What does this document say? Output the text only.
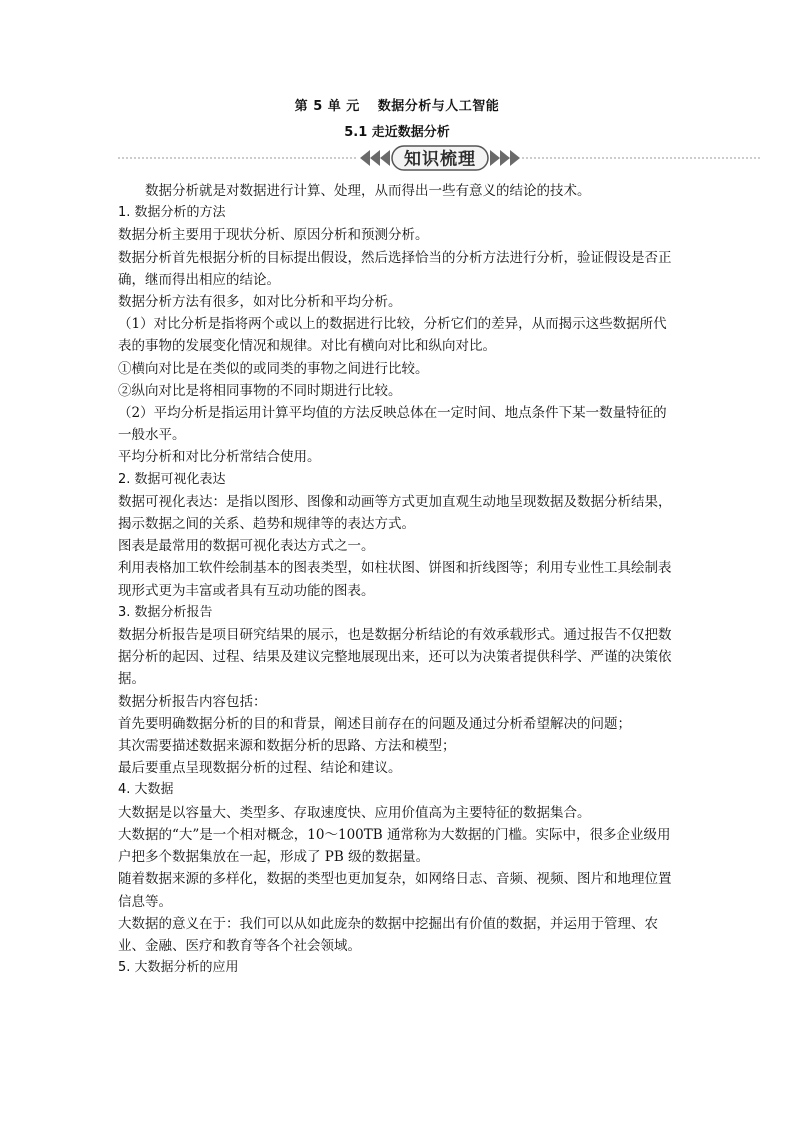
第 5 单 元 数据分析与人工智能
5.1 走近数据分析
知识梳理

数据分析就是对数据进行计算、处理，从而得出一些有意义的结论的技术。

1. 数据分析的方法

数据分析主要用于现状分析、原因分析和预测分析。

数据分析首先根据分析的目标提出假设，然后选择恰当的分析方法进行分析，验证假设是否正确，继而得出相应的结论。

数据分析方法有很多，如对比分析和平均分析。

（1）对比分析是指将两个或以上的数据进行比较，分析它们的差异，从而揭示这些数据所代表的事物的发展变化情况和规律。对比有横向对比和纵向对比。

①横向对比是在类似的或同类的事物之间进行比较。

②纵向对比是将相同事物的不同时期进行比较。

（2）平均分析是指运用计算平均值的方法反映总体在一定时间、地点条件下某一数量特征的一般水平。

平均分析和对比分析常结合使用。

2. 数据可视化表达

数据可视化表达：是指以图形、图像和动画等方式更加直观生动地呈现数据及数据分析结果，揭示数据之间的关系、趋势和规律等的表达方式。

图表是最常用的数据可视化表达方式之一。

利用表格加工软件绘制基本的图表类型，如柱状图、饼图和折线图等；利用专业性工具绘制表现形式更为丰富或者具有互动功能的图表。

3. 数据分析报告

数据分析报告是项目研究结果的展示，也是数据分析结论的有效承载形式。通过报告不仅把数据分析的起因、过程、结果及建议完整地展现出来，还可以为决策者提供科学、严谨的决策依据。

数据分析报告内容包括：

首先要明确数据分析的目的和背景，阐述目前存在的问题及通过分析希望解决的问题；

其次需要描述数据来源和数据分析的思路、方法和模型；

最后要重点呈现数据分析的过程、结论和建议。

4. 大数据

大数据是以容量大、类型多、存取速度快、应用价值高为主要特征的数据集合。

大数据的“大”是一个相对概念，10～100TB 通常称为大数据的门槛。实际中，很多企业级用户把多个数据集放在一起，形成了 PB 级的数据量。

随着数据来源的多样化，数据的类型也更加复杂，如网络日志、音频、视频、图片和地理位置信息等。

大数据的意义在于：我们可以从如此庞杂的数据中挖掘出有价值的数据，并运用于管理、农业、金融、医疗和教育等各个社会领域。

5. 大数据分析的应用
